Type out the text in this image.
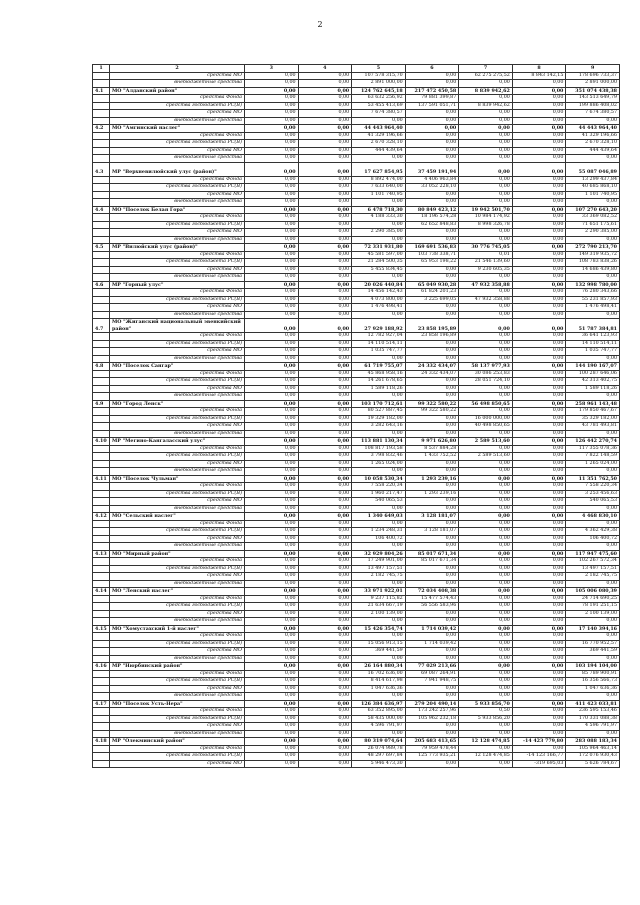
2
1	2	3	4	5	6	7	8	9
	средства МО	0,00	0,00	107 578 315,70	0,00	62 275 275,52	8 843 142,15	178 696 733,37
	внебюджетные средства	0,00	0,00	2 891 000,00	0,00	0,00	0,00	2 891 000,00
4.1	МО "Алданский район"	0,00	0,00	124 762 645,18	217 472 450,58	8 839 942,62	0,00	351 074 438,38
	средства Фонда	0,00	0,00	63 632 256,92	79 881 399,87	0,00	0,00	143 513 649,79
	средства госбюджета РС(Я)	0,00	0,00	53 455 413,69	137 591 051,71	8 839 942,62	0,00	199 886 408,02
	средства МО	0,00	0,00	7 674 380,57	0,00	0,00	0,00	7 674 380,57
	внебюджетные средства	0,00	0,00	0,00	0,00	0,00	0,00	0,00
4.2	МО "Амгинский наслег"	0,00	0,00	44 443 964,40	0,00	0,00	0,00	44 443 964,40
	средства Фонда	0,00	0,00	41 329 196,66	0,00	0,00	0,00	41 329 196,66
	средства госбюджета РС(Я)	0,00	0,00	2 670 328,10	0,00	0,00	0,00	2 670 328,10
	средства МО	0,00	0,00	444 439,64	0,00	0,00	0,00	444 439,64
	внебюджетные средства	0,00	0,00	0,00	0,00	0,00	0,00	0,00
4.3	МР "Верхневилюйский улус (район)"	0,00	0,00	17 627 854,95	37 459 191,94	0,00	0,00	55 087 046,89
	средства Фонда	0,00	0,00	8 892 474,00	4 406 963,84	0,00	0,00	13 299 437,84
	средства госбюджета РС(Я)	0,00	0,00	7 633 640,00	33 052 228,10	0,00	0,00	40 685 868,10
	средства МО	0,00	0,00	1 101 740,95	0,00	0,00	0,00	1 101 740,95
	внебюджетные средства	0,00	0,00	0,00	0,00	0,00	0,00	0,00
4.4	МО "Поселок Белая Гора"	0,00	0,00	6 478 718,30	80 849 423,12	19 942 501,70	0,00	107 270 643,20
	средства Фонда	0,00	0,00	4 188 333,30	18 196 574,28	10 984 174,92	0,00	33 369 082,52
	средства госбюджета РС(Я)	0,00	0,00	0,00	62 652 848,83	8 998 326,78	0,00	71 651 175,61
	средства МО	0,00	0,00	2 290 385,00	0,00	0,00	0,00	2 290 385,00
	внебюджетные средства	0,00	0,00	0,00	0,00	0,00	0,00	0,00
4.5	МР "Вилюйский улус (район)"	0,00	0,00	72 331 931,80	169 691 536,83	30 776 745,05	0,00	272 790 213,70
	средства Фонда	0,00	0,00	45 581 597,00	103 738 338,71	0,01	0,00	149 319 935,72
	средства госбюджета РС(Я)	0,00	0,00	21 284 500,35	65 953 198,22	21 546 139,60	0,00	108 783 838,26
	средства МО	0,00	0,00	5 455 834,45	0,00	9 230 605,35	0,00	14 686 439,80
	внебюджетные средства	0,00	0,00	0,00	0,00	0,00	0,00	0,00
4.6	МР "Горный улус"	0,00	0,00	20 026 440,84	65 049 930,28	47 932 358,88	0,00	132 998 780,00
	средства Фонда	0,00	0,00	14 456 142,43	61 824 201,23	0,00	0,00	76 280 343,66
	средства госбюджета РС(Я)	0,00	0,00	4 073 800,00	3 225 699,05	47 932 358,88	0,00	55 231 857,93
	средства МО	0,00	0,00	1 476 498,41	0,00	0,00	0,00	1 476 498,41
	внебюджетные средства	0,00	0,00	0,00	0,00	0,00	0,00	0,00
4.7	МО "Жиганский национальный эвенкийский район"	0,00	0,00	27 929 188,92	23 858 195,89	0,00	0,00	51 787 384,81
	средства Фонда	0,00	0,00	12 782 927,04	23 858 196,89	0,00	0,00	36 641 123,93
	средства госбюджета РС(Я)	0,00	0,00	14 110 514,11	0,00	0,00	0,00	14 110 514,11
	средства МО	0,00	0,00	1 035 747,77	0,00	0,00	0,00	1 035 747,77
	внебюджетные средства	0,00	0,00	0,00	0,00	0,00	0,00	0,00
4.8	МО "Поселок Сангар"	0,00	0,00	61 719 755,07	24 332 434,07	58 137 977,93	0,00	144 190 167,07
	средства Фонда	0,00	0,00	45 868 958,16	24 332 434,07	30 086 253,83	0,00	100 287 646,06
	средства госбюджета РС(Я)	0,00	0,00	14 261 678,65	0,00	28 051 724,10	0,00	42 313 402,75
	средства МО	0,00	0,00	1 589 118,26	0,00	0,00	0,00	1 589 118,26
	внебюджетные средства	0,00	0,00	0,00	0,00	0,00	0,00	0,00
4.9	МО "Город Ленск"	0,00	0,00	103 170 712,61	99 322 580,22	56 498 850,65	0,00	258 961 143,48
	средства Фонда	0,00	0,00	80 527 887,45	99 322 580,22	0,00	0,00	179 850 467,67
	средства госбюджета РС(Я)	0,00	0,00	19 329 182,00	0,00	16 000 000,00	0,00	35 329 182,00
	средства МО	0,00	0,00	3 282 643,16	0,00	40 498 850,65	0,00	43 781 493,81
	внебюджетные средства	0,00	0,00	0,00	0,00	0,00	0,00	0,00
4.10	МР "Мегино-Кангаласский улус"	0,00	0,00	113 881 130,34	9 971 626,80	2 589 513,60	0,00	126 442 270,74
	средства Фонда	0,00	0,00	108 817 193,58	8 537 884,28	0,00	0,00	117 355 078,36
	средства госбюджета РС(Я)	0,00	0,00	3 798 832,46	1 433 752,52	2 589 513,60	0,00	7 822 148,59
	средства МО	0,00	0,00	1 265 024,00	0,00	0,00	0,00	1 265 024,00
	внебюджетные средства	0,00	0,00	0,00	0,00	0,00	0,00	0,00
4.11	МО "Поселок Чульман"	0,00	0,00	10 058 530,34	1 293 239,16	0,00	0,00	11 351 762,50
	средства Фонда	0,00	0,00	7 558 220,34	0,00	0,00	0,00	7 558 220,34
	средства госбюджета РС(Я)	0,00	0,00	1 960 217,47	1 293 239,16	0,00	0,00	3 253 456,63
	средства МО	0,00	0,00	540 065,53	0,00	0,00	0,00	540 065,53
	внебюджетные средства	0,00	0,00	0,00	0,00	0,00	0,00	0,00
4.12	МО "Сельский наслег"	0,00	0,00	1 340 649,03	3 128 181,07	0,00	0,00	4 468 830,10
	средства Фонда	0,00	0,00	0,00	0,00	0,00	0,00	0,00
	средства госбюджета РС(Я)	0,00	0,00	1 234 248,31	3 128 181,07	0,00	0,00	4 362 429,38
	средства МО	0,00	0,00	106 400,72	0,00	0,00	0,00	106 400,72
	внебюджетные средства	0,00	0,00	0,00	0,00	0,00	0,00	0,00
4.13	МО "Мирный район"	0,00	0,00	32 929 804,26	85 017 671,34	0,00	0,00	117 947 475,60
	средства Фонда	0,00	0,00	17 249 901,00	85 017 671,34	0,00	0,00	102 267 572,34
	средства госбюджета РС(Я)	0,00	0,00	13 497 157,51	0,00	0,00	0,00	13 497 157,51
	средства МО	0,00	0,00	2 182 745,75	0,00	0,00	0,00	2 182 745,75
	внебюджетные средства	0,00	0,00	0,00	0,00	0,00	0,00	0,00
4.14	МО "Ленский наслег"	0,00	0,00	33 971 922,01	72 034 408,38	0,00	0,00	105 006 080,39
	средства Фонда	0,00	0,00	9 237 115,82	15 477 574,43	0,00	0,00	24 714 690,25
	средства госбюджета РС(Я)	0,00	0,00	21 634 667,19	56 556 583,96	0,00	0,00	78 191 251,15
	средства МО	0,00	0,00	2 100 139,00	0,00	0,00	0,00	2 100 139,00
	внебюджетные средства	0,00	0,00	0,00	0,00	0,00	0,00	0,00
4.15	МО "Хомустахский 1-й наслег"	0,00	0,00	15 426 354,74	1 714 039,42	0,00	0,00	17 140 394,16
	средства Фонда	0,00	0,00	0,00	0,00	0,00	0,00	0,00
	средства госбюджета РС(Я)	0,00	0,00	15 056 913,15	1 714 039,42	0,00	0,00	16 770 952,57
	средства МО	0,00	0,00	369 441,59	0,00	0,00	0,00	369 441,59
	внебюджетные средства	0,00	0,00	0,00	0,00	0,00	0,00	0,00
4.16	МР "Нюрбинский район"	0,00	0,00	26 164 880,34	77 029 213,66	0,00	0,00	103 194 104,00
	средства Фонда	0,00	0,00	16 702 636,00	69 087 264,91	0,00	0,00	85 789 900,91
	средства госбюджета РС(Я)	0,00	0,00	8 414 617,98	7 941 948,75	0,00	0,00	16 356 566,73
	средства МО	0,00	0,00	1 047 636,36	0,00	0,00	0,00	1 047 636,36
	внебюджетные средства	0,00	0,00	0,00	0,00	0,00	0,00	0,00
4.17	МО "Поселок Усть-Нера"	0,00	0,00	126 384 636,97	279 204 490,14	5 933 856,70	0,00	411 423 033,81
	средства Фонда	0,00	0,00	63 352 895,00	173 242 257,96	0,50	0,00	236 595 153,46
	средства госбюджета РС(Я)	0,00	0,00	58 435 000,00	105 962 232,18	5 933 856,20	0,00	170 331 088,38
	средства МО	0,00	0,00	4 596 791,97	0,00	0,00	0,00	4 596 791,97
	внебюджетные средства	0,00	0,00	0,00	0,00	0,00	0,00	0,00
4.18	МР "Олекминский район"	0,00	0,00	80 319 074,64	205 683 413,65	12 128 474,85	-14 423 779,80	283 088 183,34
	средства Фонда	0,00	0,00	26 074 989,78	79 959 478,44	0,00	0,00	105 964 463,14
	средства госбюджета РС(Я)	0,00	0,00	48 297 697,84	125 773 935,21	12 128 474,85	-14 123 166,77	172 076 930,43
	средства МО	0,00	0,00	5 946 473,30	0,00	0,00	-319 695,03	5 626 784,67
